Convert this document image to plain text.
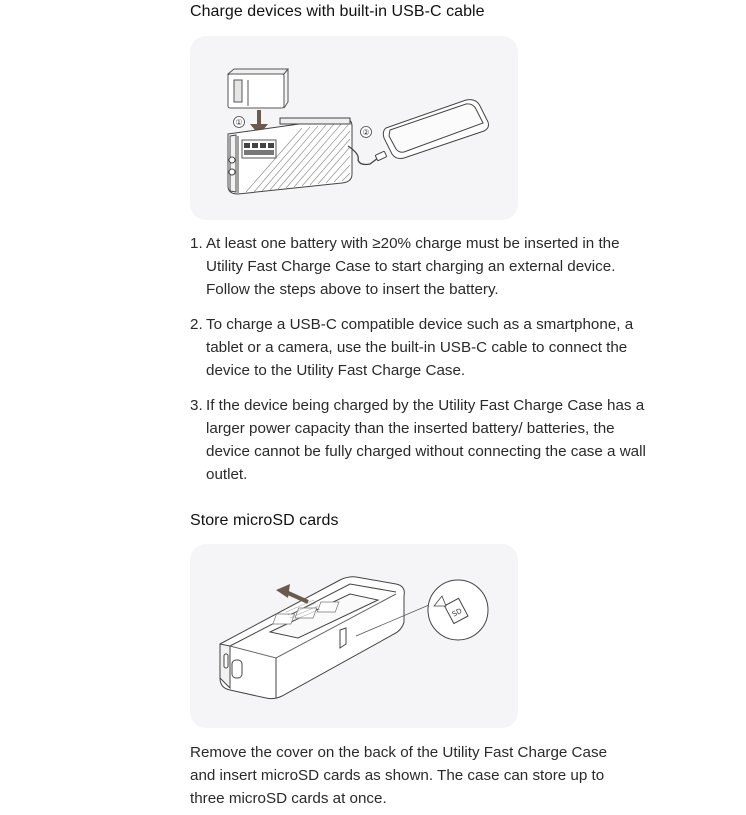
Charge devices with built-in USB-C cable
①
②
1. At least one battery with ≥20% charge must be inserted in the Utility Fast Charge Case to start charging an external device. Follow the steps above to insert the battery.
2. To charge a USB-C compatible device such as a smartphone, a tablet or a camera, use the built-in USB-C cable to connect the device to the Utility Fast Charge Case.
3. If the device being charged by the Utility Fast Charge Case has a larger power capacity than the inserted battery/ batteries, the device cannot be fully charged without connecting the case a wall outlet.
Store microSD cards
SD
Remove the cover on the back of the Utility Fast Charge Case and insert microSD cards as shown. The case can store up to three microSD cards at once.
